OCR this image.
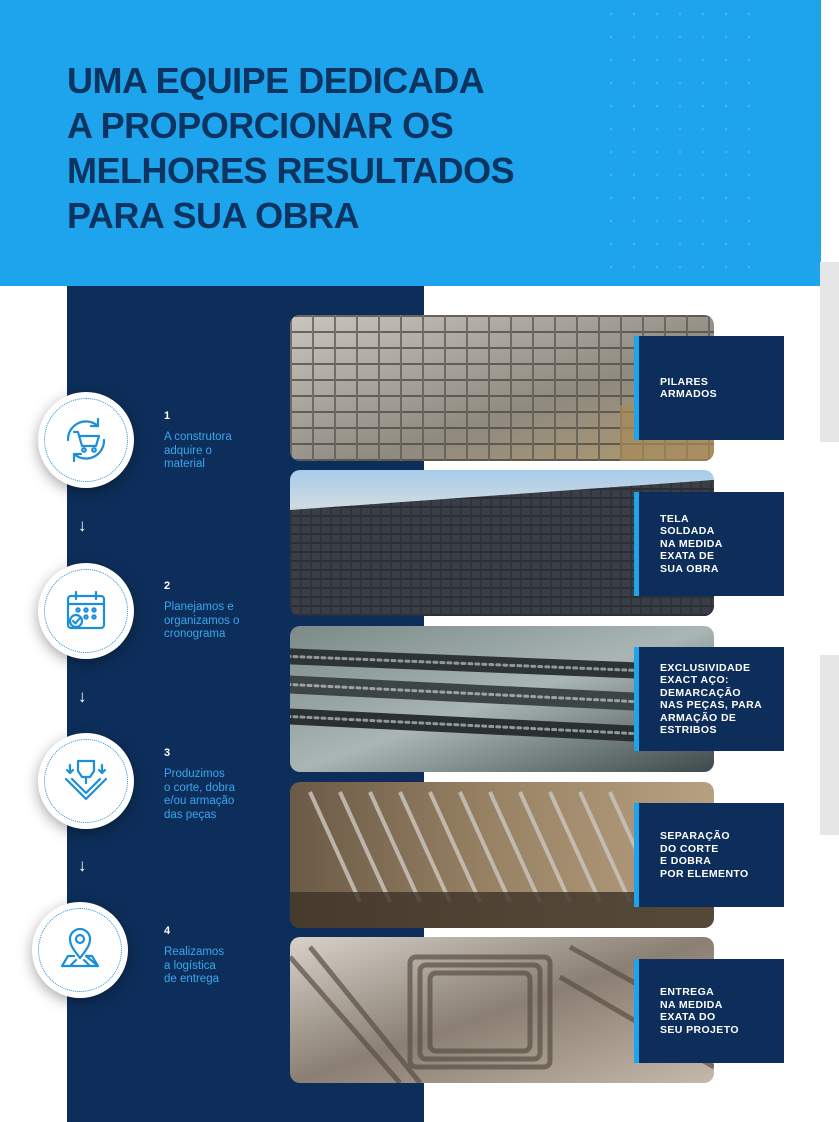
UMA EQUIPE DEDICADA
A PROPORCIONAR OS
MELHORES RESULTADOS
PARA SUA OBRA
1
A construtora
adquire o
material
↓
2
Planejamos e
organizamos o
cronograma
↓
3
Produzimos
o corte, dobra
e/ou armação
das peças
↓
4
Realizamos
a logística
de entrega
PILARES
ARMADOS
TELA
SOLDADA
NA MEDIDA
EXATA DE
SUA OBRA
EXCLUSIVIDADE
EXACT AÇO:
DEMARCAÇÃO
NAS PEÇAS, PARA
ARMAÇÃO DE
ESTRIBOS
SEPARAÇÃO
DO CORTE
E DOBRA
POR ELEMENTO
ENTREGA
NA MEDIDA
EXATA DO
SEU PROJETO
